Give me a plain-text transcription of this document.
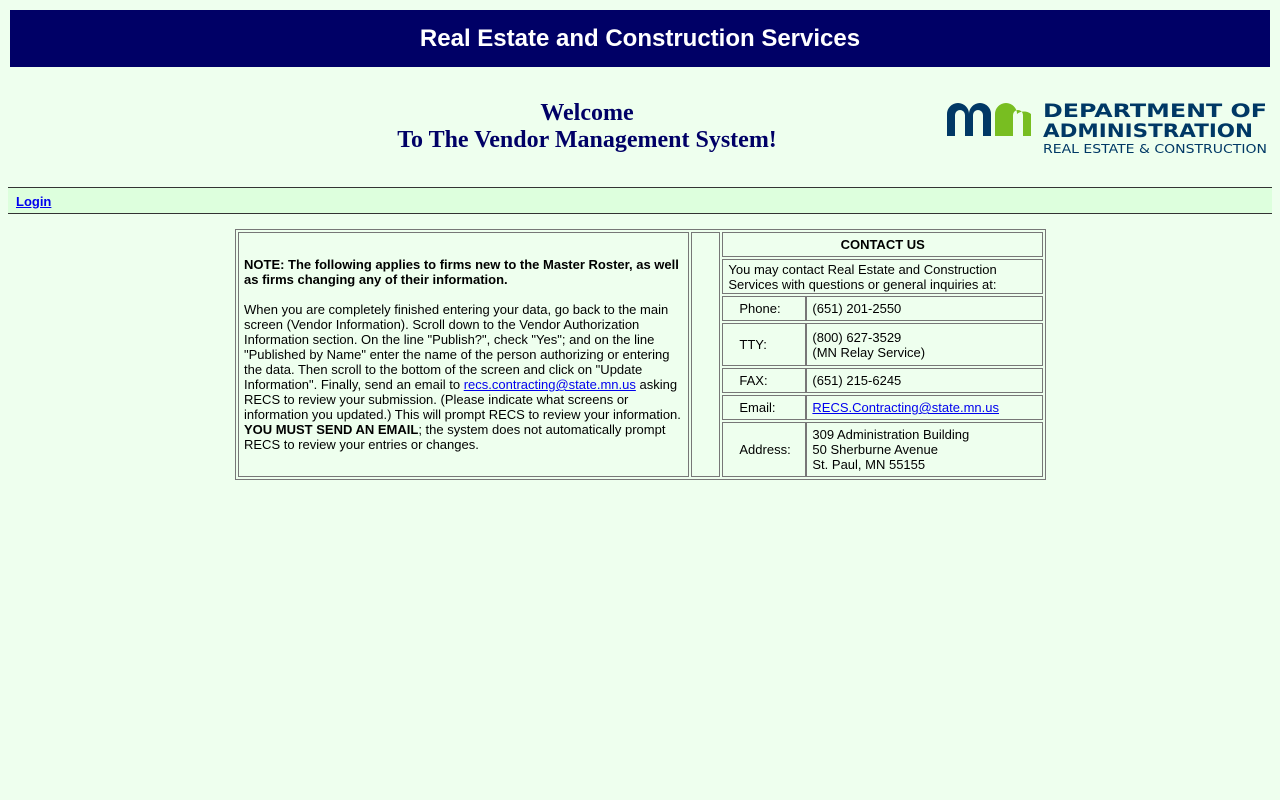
Real Estate and Construction Services
Welcome
To The Vendor Management System!
DEPARTMENT OF
ADMINISTRATION
REAL ESTATE & CONSTRUCTION
Login
NOTE: The following applies to firms new to the Master Roster, as well as firms changing any of their information.
When you are completely finished entering your data, go back to the main screen (Vendor Information). Scroll down to the Vendor Authorization Information section. On the line "Publish?", check "Yes"; and on the line "Published by Name" enter the name of the person authorizing or entering the data. Then scroll to the bottom of the screen and click on "Update Information". Finally, send an email to recs.contracting@state.mn.us asking RECS to review your submission. (Please indicate what screens or information you updated.) This will prompt RECS to review your information. YOU MUST SEND AN EMAIL; the system does not automatically prompt RECS to review your entries or changes.

CONTACT US
You may contact Real Estate and Construction Services with questions or general inquiries at:
Phone:	(651) 201-2550
TTY:	(800) 627-3529
(MN Relay Service)

FAX:	(651) 215-6245
Email:	RECS.Contracting@state.mn.us
Address:	
309 Administration Building
50 Sherburne Avenue
St. Paul, MN 55155
